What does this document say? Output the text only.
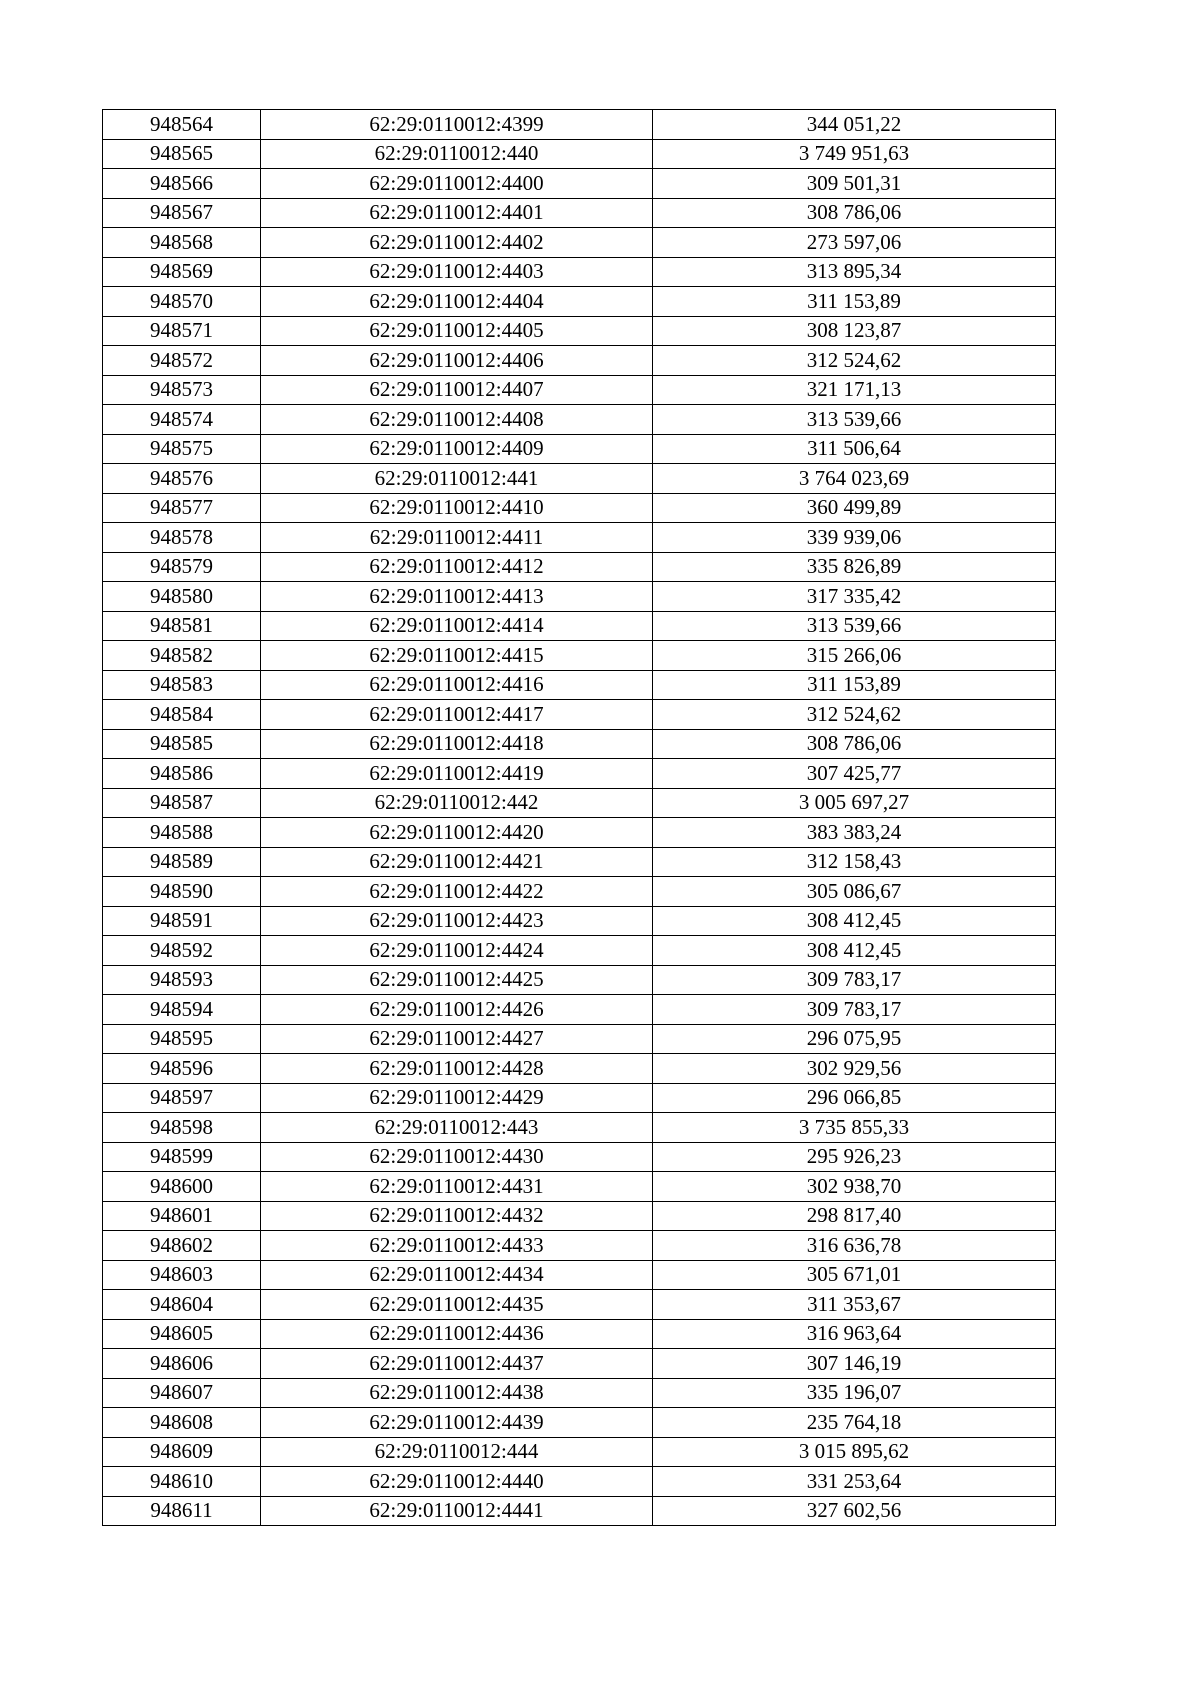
948564	62:29:0110012:4399	344 051,22
948565	62:29:0110012:440	3 749 951,63
948566	62:29:0110012:4400	309 501,31
948567	62:29:0110012:4401	308 786,06
948568	62:29:0110012:4402	273 597,06
948569	62:29:0110012:4403	313 895,34
948570	62:29:0110012:4404	311 153,89
948571	62:29:0110012:4405	308 123,87
948572	62:29:0110012:4406	312 524,62
948573	62:29:0110012:4407	321 171,13
948574	62:29:0110012:4408	313 539,66
948575	62:29:0110012:4409	311 506,64
948576	62:29:0110012:441	3 764 023,69
948577	62:29:0110012:4410	360 499,89
948578	62:29:0110012:4411	339 939,06
948579	62:29:0110012:4412	335 826,89
948580	62:29:0110012:4413	317 335,42
948581	62:29:0110012:4414	313 539,66
948582	62:29:0110012:4415	315 266,06
948583	62:29:0110012:4416	311 153,89
948584	62:29:0110012:4417	312 524,62
948585	62:29:0110012:4418	308 786,06
948586	62:29:0110012:4419	307 425,77
948587	62:29:0110012:442	3 005 697,27
948588	62:29:0110012:4420	383 383,24
948589	62:29:0110012:4421	312 158,43
948590	62:29:0110012:4422	305 086,67
948591	62:29:0110012:4423	308 412,45
948592	62:29:0110012:4424	308 412,45
948593	62:29:0110012:4425	309 783,17
948594	62:29:0110012:4426	309 783,17
948595	62:29:0110012:4427	296 075,95
948596	62:29:0110012:4428	302 929,56
948597	62:29:0110012:4429	296 066,85
948598	62:29:0110012:443	3 735 855,33
948599	62:29:0110012:4430	295 926,23
948600	62:29:0110012:4431	302 938,70
948601	62:29:0110012:4432	298 817,40
948602	62:29:0110012:4433	316 636,78
948603	62:29:0110012:4434	305 671,01
948604	62:29:0110012:4435	311 353,67
948605	62:29:0110012:4436	316 963,64
948606	62:29:0110012:4437	307 146,19
948607	62:29:0110012:4438	335 196,07
948608	62:29:0110012:4439	235 764,18
948609	62:29:0110012:444	3 015 895,62
948610	62:29:0110012:4440	331 253,64
948611	62:29:0110012:4441	327 602,56
